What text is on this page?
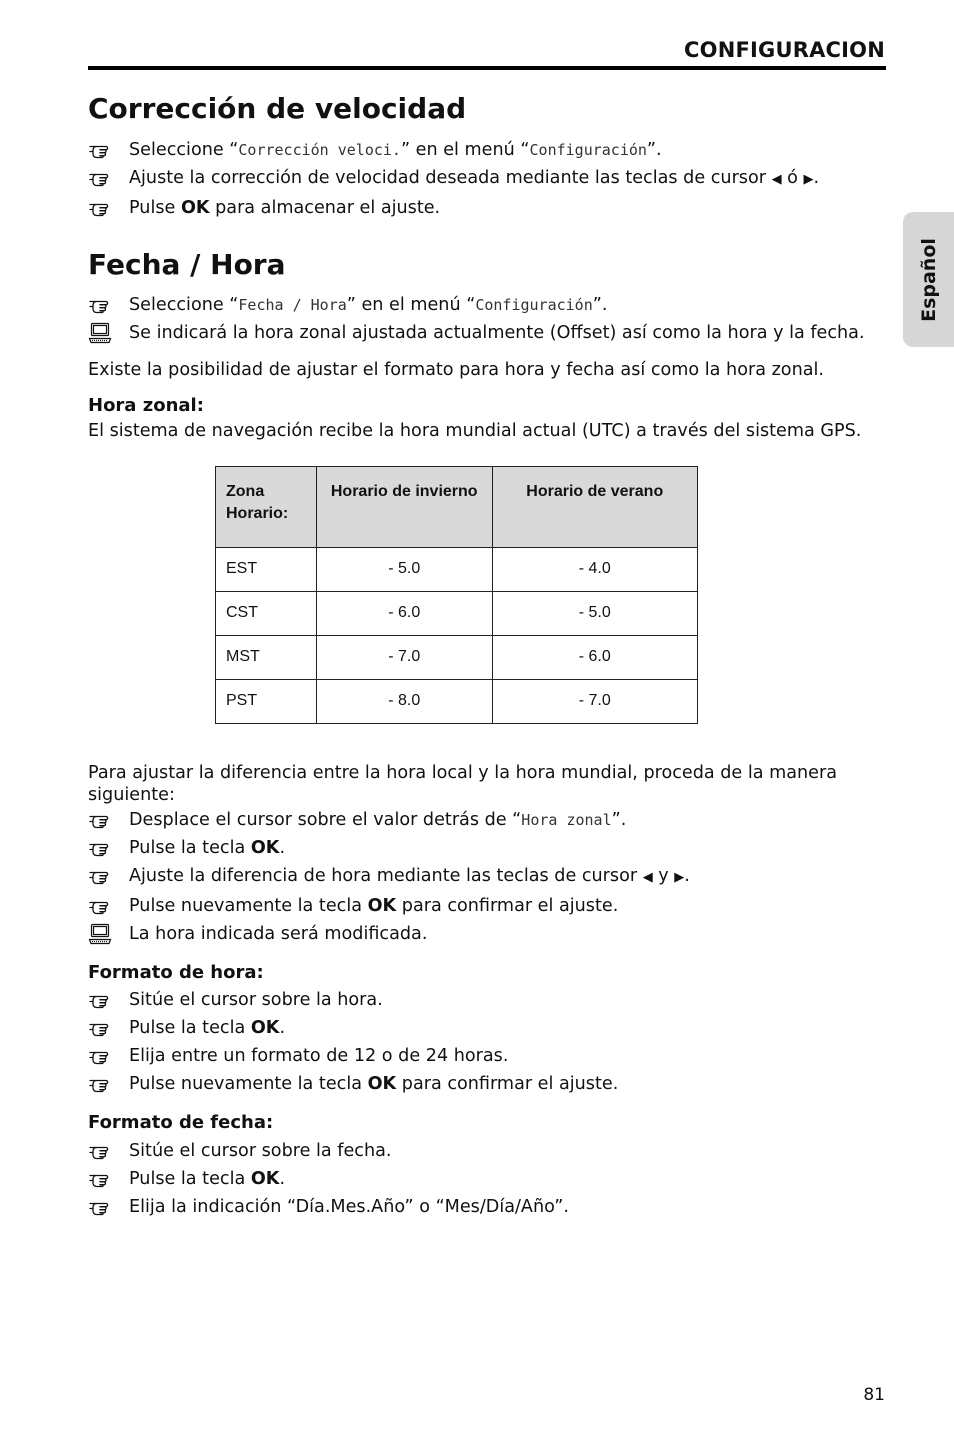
CONFIGURACION
Español
Corrección de velocidad
Seleccione “Corrección veloci.” en el menú “Configuración”.
Ajuste la corrección de velocidad deseada mediante las teclas de cursor ◀ ó ▶.
Pulse OK para almacenar el ajuste.
Fecha / Hora
Seleccione “Fecha / Hora” en el menú “Configuración”.
Se indicará la hora zonal ajustada actualmente (Offset) así como la hora y la fecha.

Existe la posibilidad de ajustar el formato para hora y fecha así como la hora zonal.

Hora zonal:

El sistema de navegación recibe la hora mundial actual (UTC) a través del sistema GPS.

Zona Horario:	Horario de invierno	Horario de verano
EST	- 5.0	- 4.0
CST	- 6.0	- 5.0
MST	- 7.0	- 6.0
PST	- 8.0	- 7.0

Para ajustar la diferencia entre la hora local y la hora mundial, proceda de la manera siguiente:

Desplace el cursor sobre el valor detrás de “Hora zonal”.
Pulse la tecla OK.
Ajuste la diferencia de hora mediante las teclas de cursor ◀ y ▶.
Pulse nuevamente la tecla OK para confirmar el ajuste.
La hora indicada será modificada.
Formato de hora:
Sitúe el cursor sobre la hora.
Pulse la tecla OK.
Elija entre un formato de 12 o de 24 horas.
Pulse nuevamente la tecla OK para confirmar el ajuste.
Formato de fecha:
Sitúe el cursor sobre la fecha.
Pulse la tecla OK.
Elija la indicación “Día.Mes.Año” o “Mes/Día/Año”.
81
